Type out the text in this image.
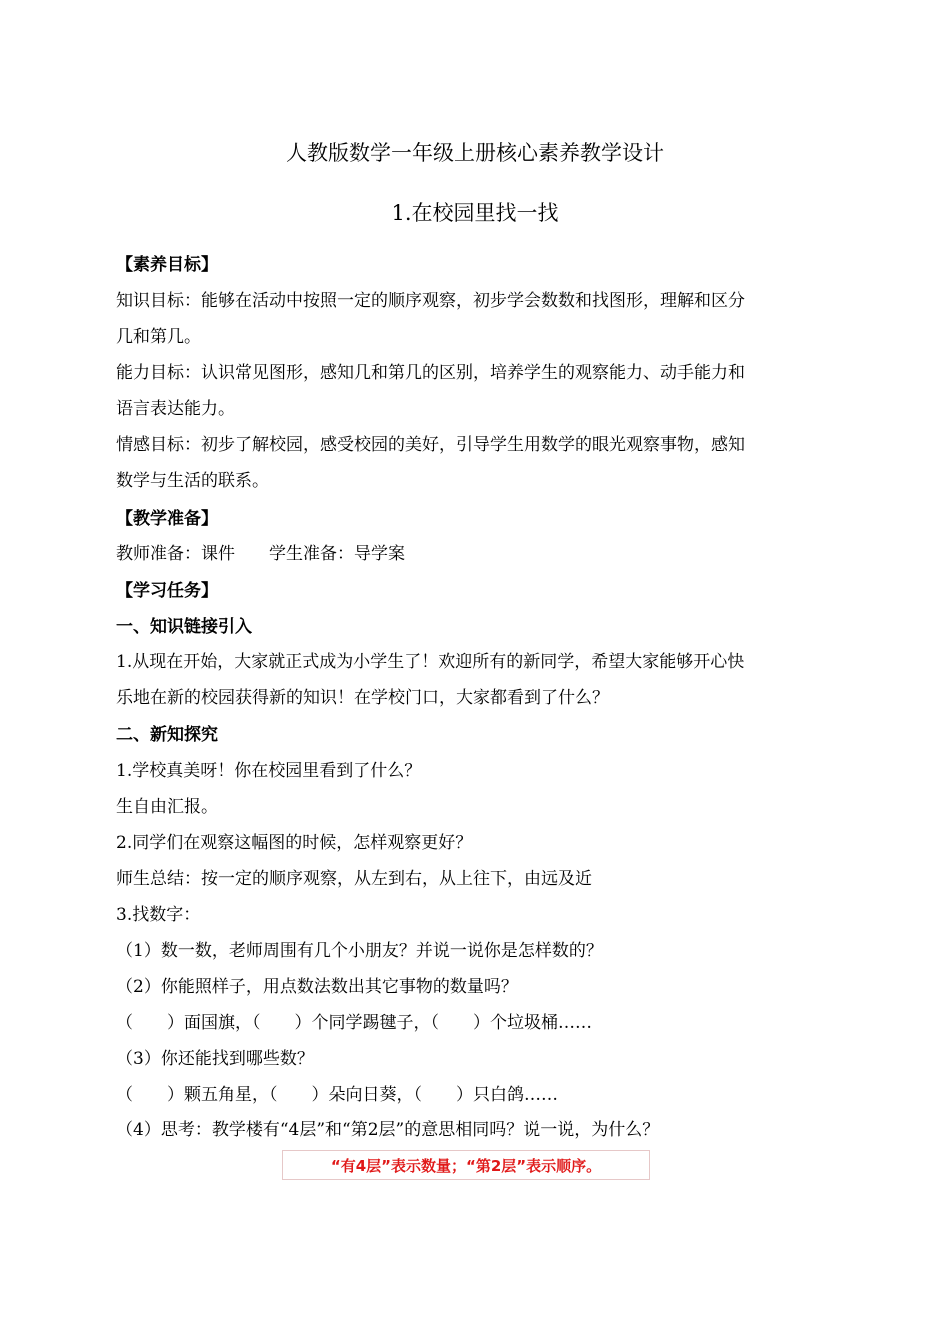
人教版数学一年级上册核心素养教学设计
1.在校园里找一找
【素养目标】
知识目标：能够在活动中按照一定的顺序观察，初步学会数数和找图形，理解和区分
几和第几。
能力目标：认识常见图形，感知几和第几的区别，培养学生的观察能力、动手能力和
语言表达能力。
情感目标：初步了解校园，感受校园的美好，引导学生用数学的眼光观察事物，感知
数学与生活的联系。
【教学准备】
教师准备：课件　　学生准备：导学案
【学习任务】
一、知识链接引入
1.从现在开始，大家就正式成为小学生了！欢迎所有的新同学，希望大家能够开心快
乐地在新的校园获得新的知识！在学校门口，大家都看到了什么？
二、新知探究
1.学校真美呀！你在校园里看到了什么？
生自由汇报。
2.同学们在观察这幅图的时候，怎样观察更好？
师生总结：按一定的顺序观察，从左到右，从上往下，由远及近
3.找数字：
（1）数一数，老师周围有几个小朋友？并说一说你是怎样数的？
（2）你能照样子，用点数法数出其它事物的数量吗？
（　　）面国旗，（　　）个同学踢毽子，（　　）个垃圾桶……
（3）你还能找到哪些数？
（　　）颗五角星，（　　）朵向日葵，（　　）只白鸽……
（4）思考：教学楼有“4层”和“第2层”的意思相同吗？说一说，为什么？
“有4层”表示数量；“第2层”表示顺序。
